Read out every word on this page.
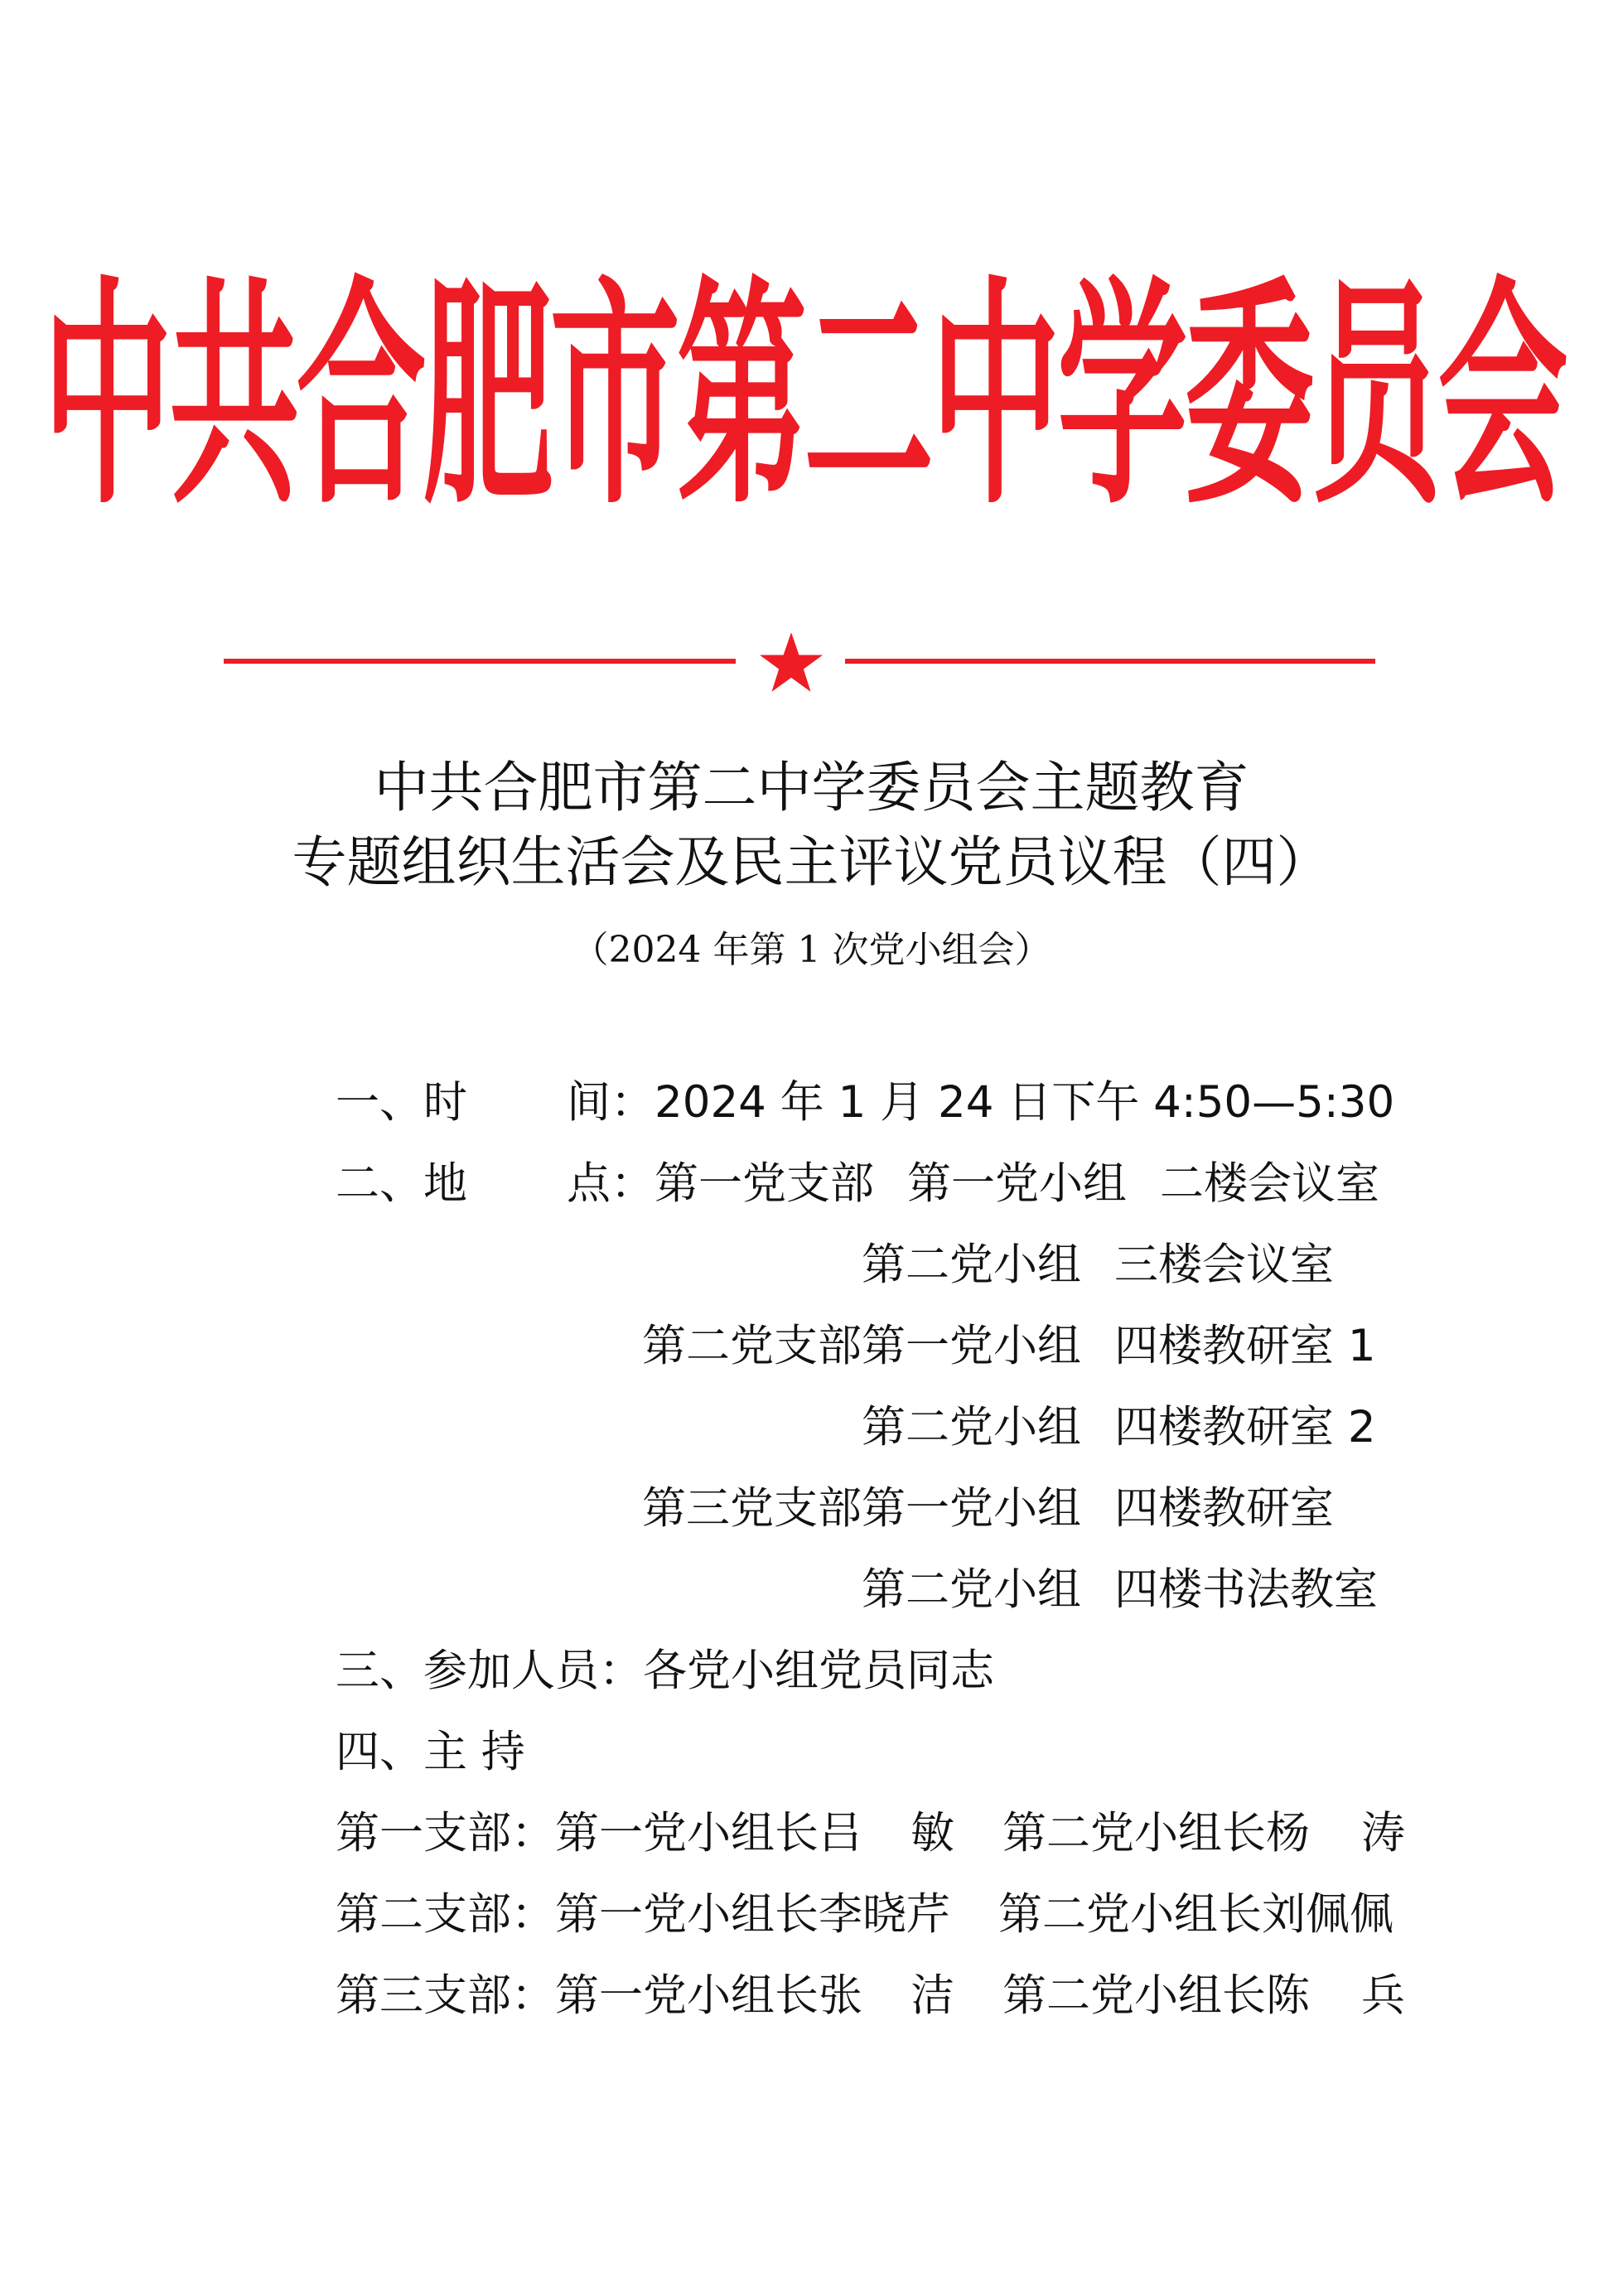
中共合肥市第二中学委员会
中共合肥市第二中学委员会主题教育
专题组织生活会及民主评议党员议程（四）
（2024 年第 1 次党小组会）
一、时 间：2024 年 1 月 24 日下午 4:50—5:30
二、地 点：第一党支部 第一党小组 二楼会议室
第二党小组 三楼会议室
第二党支部第一党小组 四楼教研室 1
第二党小组 四楼教研室 2
第三党支部第一党小组 四楼教研室
第二党小组 四楼书法教室
三、参加人员：各党小组党员同志
四、主 持
第一支部：第一党小组长吕 敏 第二党小组长杨 涛
第二支部：第一党小组长李晓芹 第二党小组长刘佩佩
第三支部：第一党小组长张 洁 第二党小组长陈 兵
